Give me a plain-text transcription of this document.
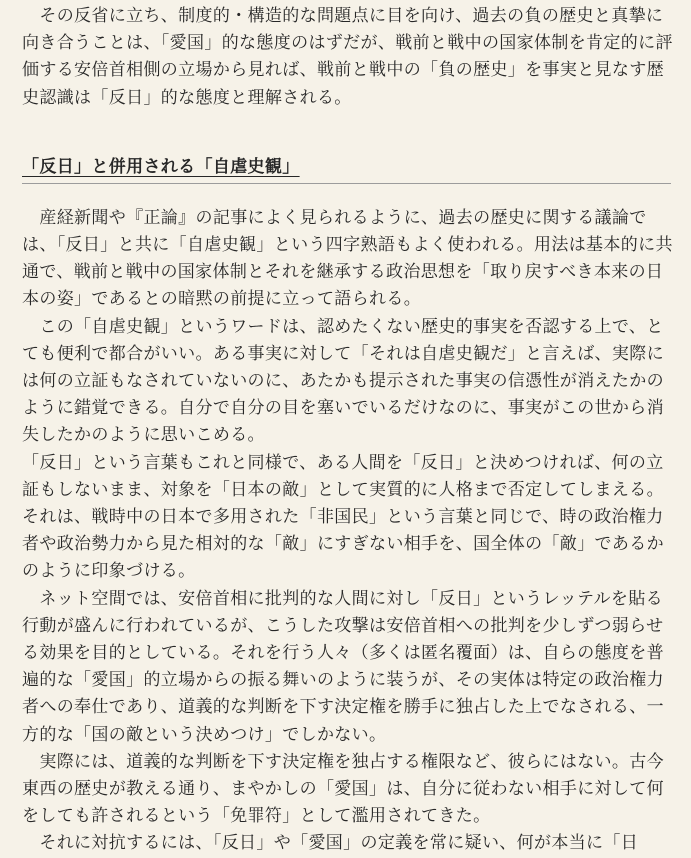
　その反省に立ち、制度的・構造的な問題点に目を向け、過去の負の歴史と真摯に向き合うことは、「愛国」的な態度のはずだが、戦前と戦中の国家体制を肯定的に評価する安倍首相側の立場から見れば、戦前と戦中の「負の歴史」を事実と見なす歴史認識は「反日」的な態度と理解される。

「反日」と併用される「自虐史観」

　産経新聞や『正論』の記事によく見られるように、過去の歴史に関する議論では、「反日」と共に「自虐史観」という四字熟語もよく使われる。用法は基本的に共通で、戦前と戦中の国家体制とそれを継承する政治思想を「取り戻すべき本来の日本の姿」であるとの暗黙の前提に立って語られる。

　この「自虐史観」というワードは、認めたくない歴史的事実を否認する上で、とても便利で都合がいい。ある事実に対して「それは自虐史観だ」と言えば、実際には何の立証もなされていないのに、あたかも提示された事実の信憑性が消えたかのように錯覚できる。自分で自分の目を塞いでいるだけなのに、事実がこの世から消失したかのように思いこめる。

「反日」という言葉もこれと同様で、ある人間を「反日」と決めつければ、何の立証もしないまま、対象を「日本の敵」として実質的に人格まで否定してしまえる。それは、戦時中の日本で多用された「非国民」という言葉と同じで、時の政治権力者や政治勢力から見た相対的な「敵」にすぎない相手を、国全体の「敵」であるかのように印象づける。

　ネット空間では、安倍首相に批判的な人間に対し「反日」というレッテルを貼る行動が盛んに行われているが、こうした攻撃は安倍首相への批判を少しずつ弱らせる効果を目的としている。それを行う人々（多くは匿名覆面）は、自らの態度を普遍的な「愛国」的立場からの振る舞いのように装うが、その実体は特定の政治権力者への奉仕であり、道義的な判断を下す決定権を勝手に独占した上でなされる、一方的な「国の敵という決めつけ」でしかない。

　実際には、道義的な判断を下す決定権を独占する権限など、彼らにはない。古今東西の歴史が教える通り、まやかしの「愛国」は、自分に従わない相手に対して何をしても許されるという「免罪符」として濫用されてきた。

　それに対抗するには、「反日」や「愛国」の定義を常に疑い、何が本当に「日
